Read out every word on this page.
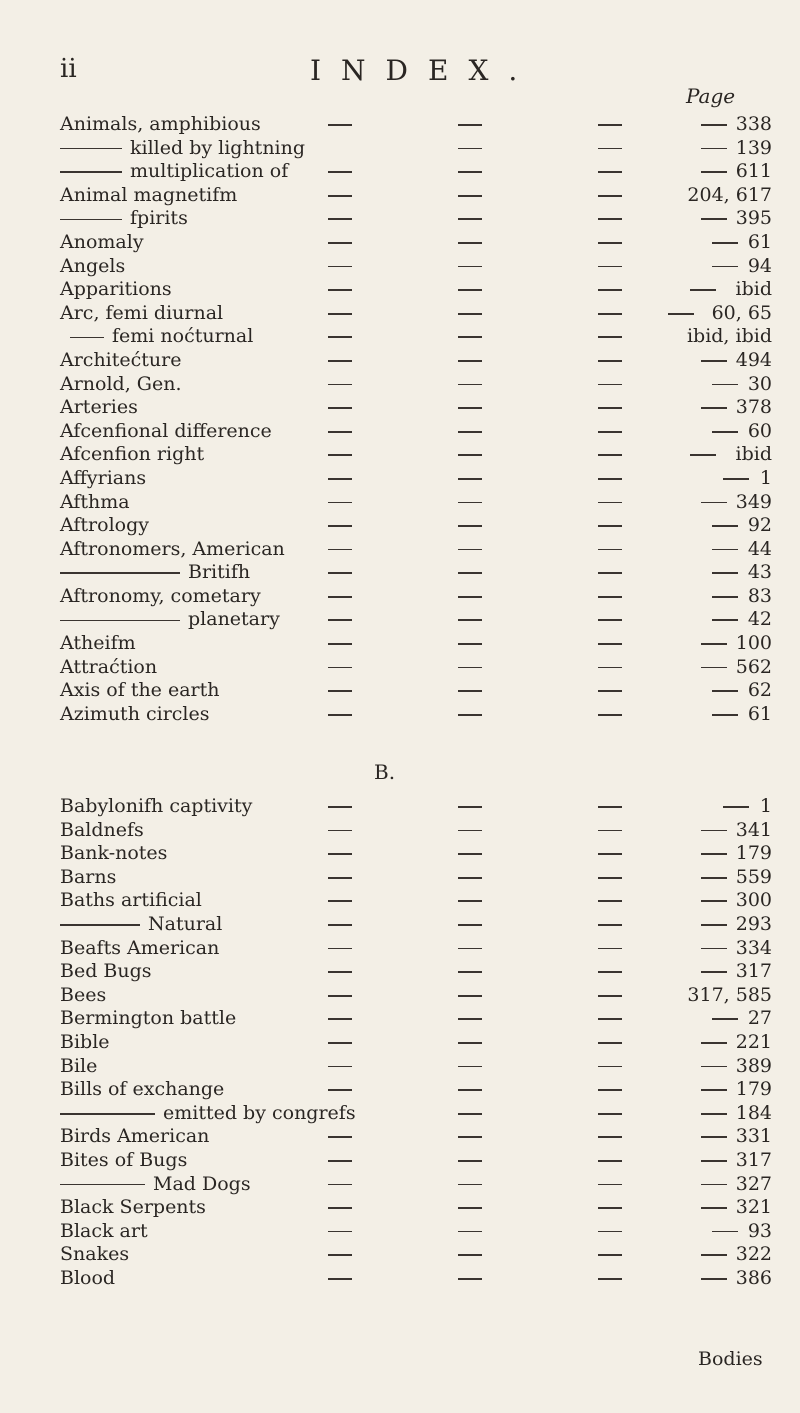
ii	INDEX.
Page
Animals, amphibious	338
killed by lightning	139
multiplication of	611
Animal magnetifm	204, 617
fpirits	395
Anomaly	61
Angels	94
Apparitions	ibid
Arc, femi diurnal	60, 65
femi noćturnal	ibid, ibid
Architećture	494
Arnold, Gen.	30
Arteries	378
Afcenfional difference	60
Afcenfion right	ibid
Affyrians	1
Afthma	349
Aftrology	92
Aftronomers, American	44
Britifh	43
Aftronomy, cometary	83
planetary	42
Atheifm	100
Attraćtion	562
Axis of the earth	62
Azimuth circles	61
B.
Babylonifh captivity	1
Baldnefs	341
Bank-notes	179
Barns	559
Baths artificial	300
Natural	293
Beafts American	334
Bed Bugs	317
Bees	317, 585
Bermington battle	27
Bible	221
Bile	389
Bills of exchange	179
emitted by congrefs	184
Birds American	331
Bites of Bugs	317
Mad Dogs	327
Black Serpents	321
Black art	93
Snakes	322
Blood	386
Bodies
